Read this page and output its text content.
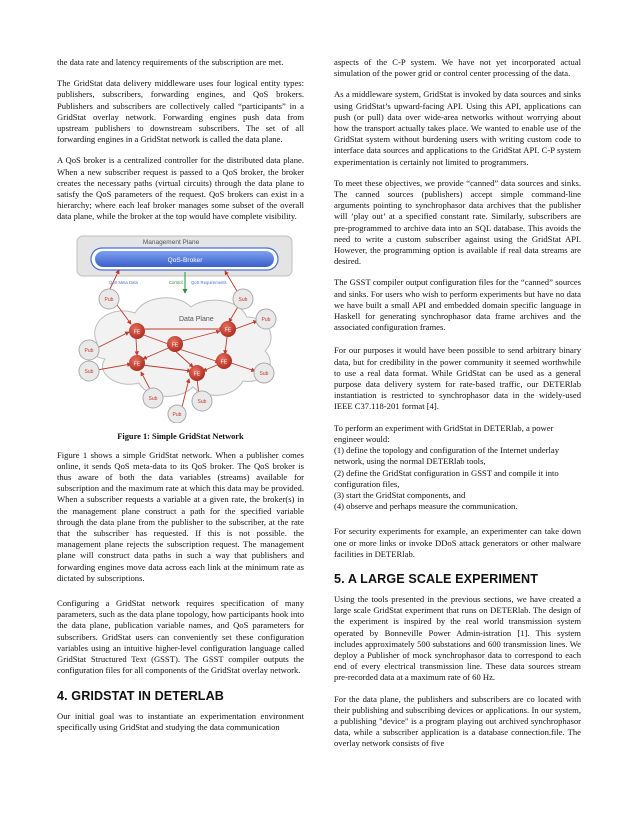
the data rate and latency requirements of the subscription are met.

The GridStat data delivery middleware uses four logical entity types: publishers, subscribers, forwarding engines, and QoS brokers. Publishers and subscribers are collectively called “participants” in a GridStat overlay network. Forwarding engines push data from upstream publishers to downstream subscribers. The set of all forwarding engines in a GridStat network is called the data plane.

A QoS broker is a centralized controller for the distributed data plane. When a new subscriber request is passed to a QoS broker, the broker creates the necessary paths (virtual circuits) through the data plane to satisfy the QoS parameters of the request. QoS brokers can exist in a hierarchy; where each leaf broker manages some subset of the overall data plane, while the broker at the top would have complete visibility.

Management Plane
QoS-Broker
QoS Meta Data	Control QoS Requirements
Data Plane
FE
FE
FE
FE	FE
FE
Pub	Sub
Pub
Pub
Sub	Sub
Sub	Sub
Pub
Figure 1: Simple GridStat Network

Figure 1 shows a simple GridStat network. When a publisher comes online, it sends QoS meta-data to its QoS broker. The QoS broker is thus aware of both the data variables (streams) available for subscription and the maximum rate at which this data may be provided. When a subscriber requests a variable at a given rate, the broker(s) in the management plane construct a path for the specified variable through the data plane from the publisher to the subscriber, at the rate that the subscriber has requested. If this is not possible. the management plane rejects the subscription request. The management plane will construct data paths in such a way that publishers and forwarding engines move data across each link at the minimum rate as dictated by subscriptions.

Configuring a GridStat network requires specification of many parameters, such as the data plane topology, how participants hook into the data plane, publication variable names, and QoS parameters for subscribers. GridStat users can conveniently set these configuration variables using an intuitive higher-level configuration language called GridStat Structured Text (GSST). The GSST compiler outputs the configuration files for all components of the GridStat overlay network.

4. GRIDSTAT IN DETERLAB

Our initial goal was to instantiate an experimentation environment specifically using GridStat and studying the data communication

aspects of the C-P system. We have not yet incorporated actual simulation of the power grid or control center processing of the data.

As a middleware system, GridStat is invoked by data sources and sinks using GridStat’s upward-facing API. Using this API, applications can push (or pull) data over wide-area networks without worrying about how the transport actually takes place. We wanted to enable use of the GridStat system without burdening users with writing custom code to interface data sources and applications to the GridStat API. C-P system experimentation is certainly not limited to programmers.

To meet these objectives, we provide “canned” data sources and sinks. The canned sources (publishers) accept simple command-line arguments pointing to synchrophasor data archives that the publisher will ’play out’ at a specified constant rate. Similarly, subscribers are pre-programmed to archive data into an SQL database. This avoids the need to write a custom subscriber against using the GridStat API. However, the programming option is available if real data streams are desired.

The GSST compiler output configuration files for the “canned” sources and sinks. For users who wish to perform experiments but have no data we have built a small API and embedded domain specific language in Haskell for generating synchrophasor data frame archives and the associated configuration frames.

For our purposes it would have been possible to send arbitrary binary data, but for credibility in the power community it seemed worthwhile to use a real data format. While GridStat can be used as a general purpose data delivery system for rate-based traffic, our DETERlab instantiation is restricted to synchrophasor data in the widely-used IEEE C37.118-201 format [4].

To perform an experiment with GridStat in DETERlab, a power engineer would:
(1) define the topology and configuration of the Internet underlay network, using the normal DETERlab tools,
(2) define the GridStat configuration in GSST and compile it into configuration files,
(3) start the GridStat components, and
(4) observe and perhaps measure the communication.

For security experiments for example, an experimenter can take down one or more links or invoke DDoS attack generators or other malware facilities in DETERlab.

5. A LARGE SCALE EXPERIMENT

Using the tools presented in the previous sections, we have created a large scale GridStat experiment that runs on DETERlab. The design of the experiment is inspired by the real world transmission system operated by Bonneville Power Admin-istration [1]. This system includes approximately 500 substations and 600 transmission lines. We deploy a Publisher of mock synchrophasor data to correspond to each end of every electrical transmission line. These data sources stream pre-recorded data at a maximum rate of 60 Hz.

For the data plane, the publishers and subscribers are co located with their publishing and subscribing devices or applications. In our system, a publishing "device" is a program playing out archived synchrophasor data, while a subscriber application is a database connection.file. The overlay network consists of five
